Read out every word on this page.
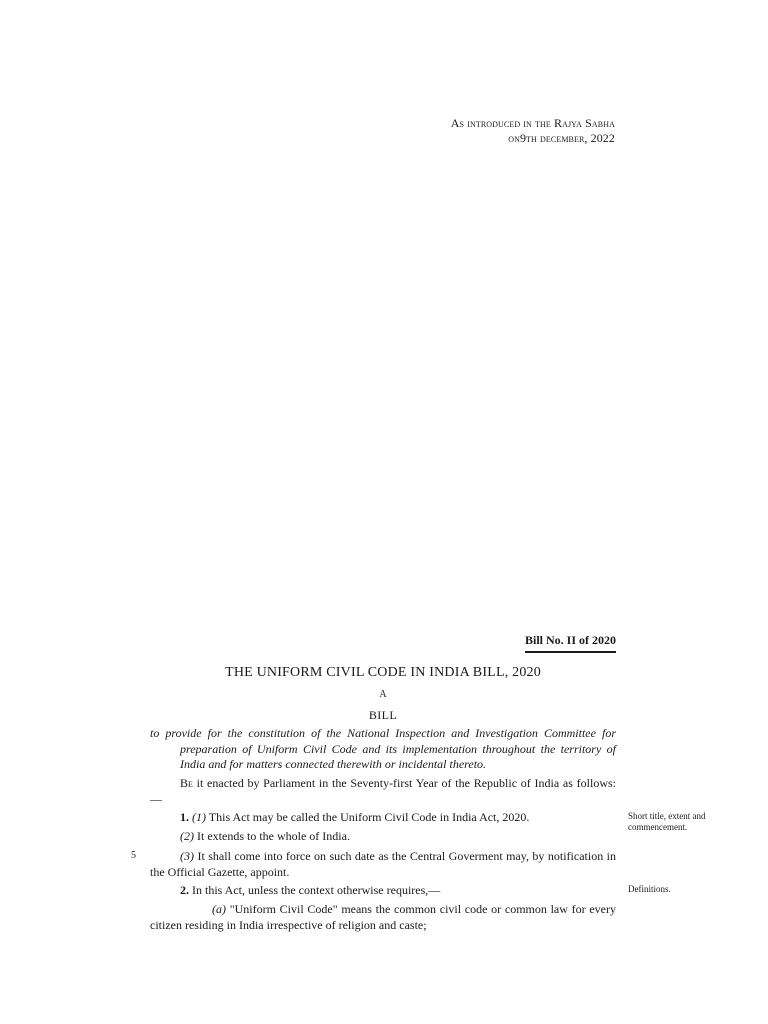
As introduced in the Rajya Sabha
on9th december, 2022
Bill No. II of 2020
THE UNIFORM CIVIL CODE IN INDIA BILL, 2020
A
BILL
to provide for the constitution of the National Inspection and Investigation Committee for preparation of Uniform Civil Code and its implementation throughout the territory of India and for matters connected therewith or incidental thereto.
Be it enacted by Parliament in the Seventy-first Year of the Republic of India as follows:—
1. (1) This Act may be called the Uniform Civil Code in India Act, 2020.
(2) It extends to the whole of India.
5	(3) It shall come into force on such date as the Central Goverment may, by notification in the Official Gazette, appoint.
2. In this Act, unless the context otherwise requires,—
(a) "Uniform Civil Code" means the common civil code or common law for every citizen residing in India irrespective of religion and caste;
Short title, extent and commencement.
Definitions.
